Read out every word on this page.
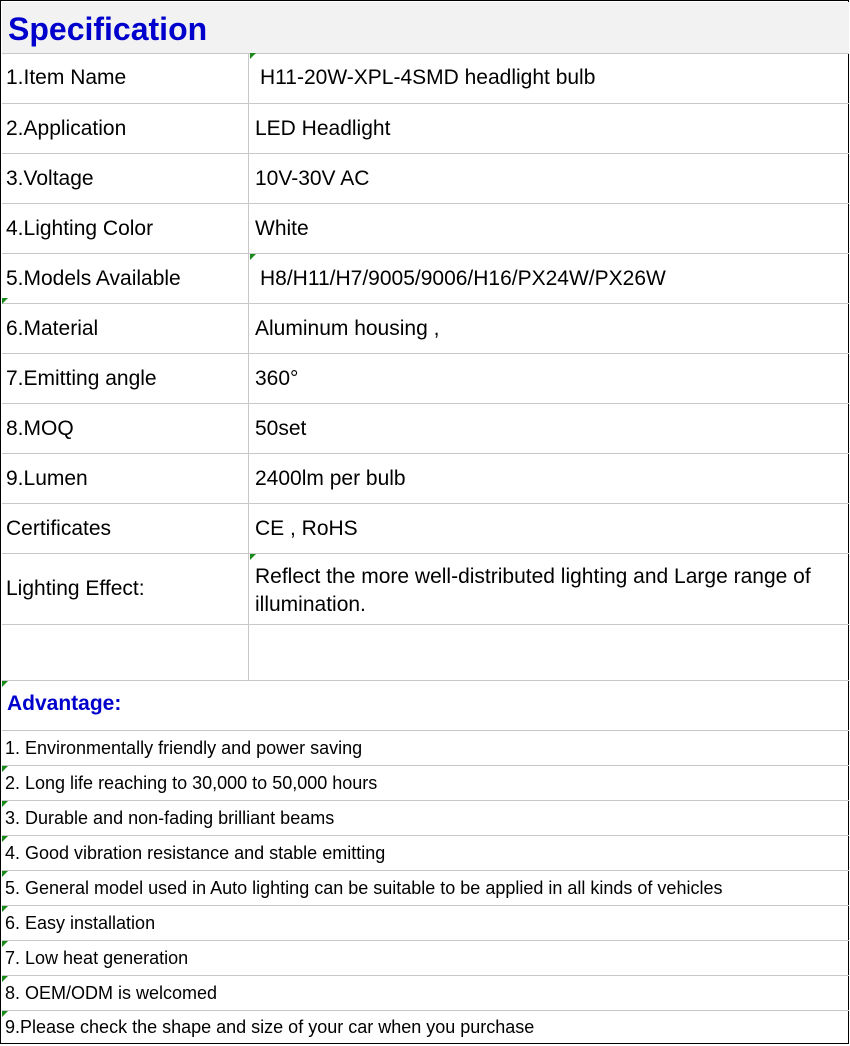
Specification
1.Item Name	H11-20W-XPL-4SMD headlight bulb
2.Application	LED Headlight
3.Voltage	10V-30V AC
4.Lighting Color	White
5.Models Available	H8/H11/H7/9005/9006/H16/PX24W/PX26W
6.Material	Aluminum housing ,
7.Emitting angle	360°
8.MOQ	50set
9.Lumen	2400lm per bulb
Certificates	CE , RoHS
Lighting Effect:
Reflect the more well-distributed lighting and Large range of illumination.
Advantage:
1. Environmentally friendly and power saving
2. Long life reaching to 30,000 to 50,000 hours
3. Durable and non-fading brilliant beams
4. Good vibration resistance and stable emitting
5. General model used in Auto lighting can be suitable to be applied in all kinds of vehicles
6. Easy installation
7. Low heat generation
8. OEM/ODM is welcomed
9.Please check the shape and size of your car when you purchase
